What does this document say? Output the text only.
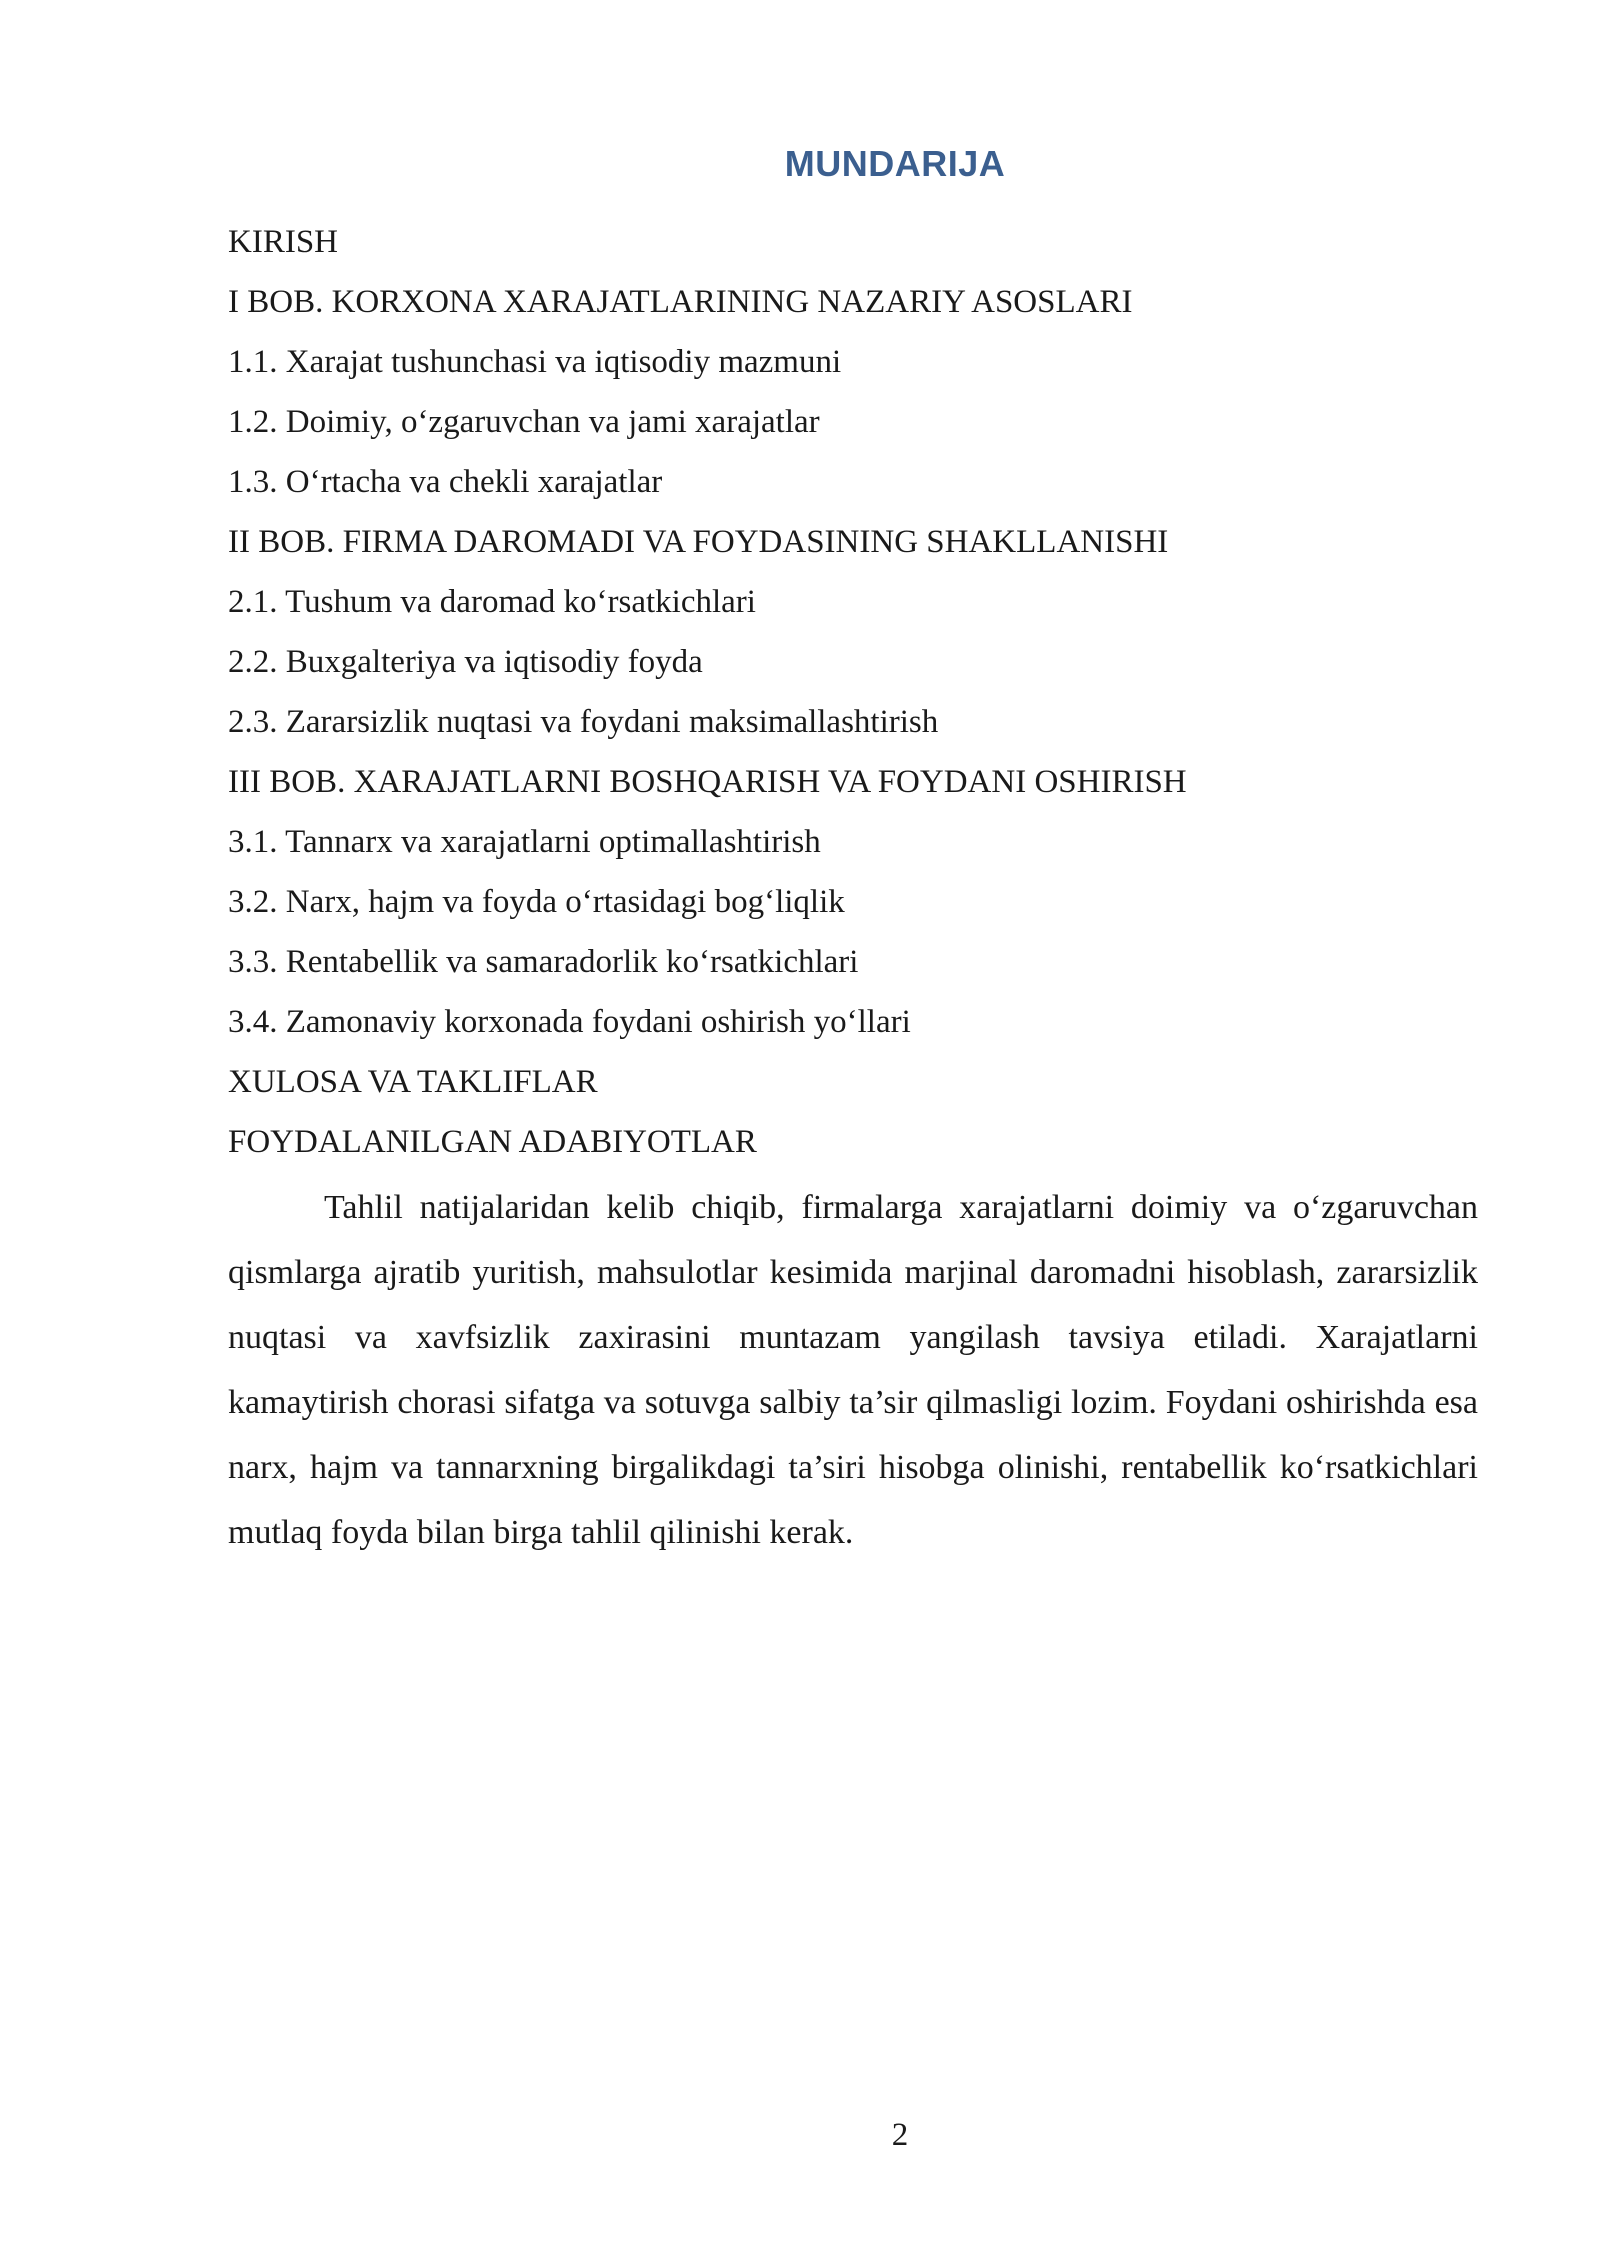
MUNDARIJA
KIRISH
I BOB. KORXONA XARAJATLARINING NAZARIY ASOSLARI
1.1. Xarajat tushunchasi va iqtisodiy mazmuni
1.2. Doimiy, o‘zgaruvchan va jami xarajatlar
1.3. O‘rtacha va chekli xarajatlar
II BOB. FIRMA DAROMADI VA FOYDASINING SHAKLLANISHI
2.1. Tushum va daromad ko‘rsatkichlari
2.2. Buxgalteriya va iqtisodiy foyda
2.3. Zararsizlik nuqtasi va foydani maksimallashtirish
III BOB. XARAJATLARNI BOSHQARISH VA FOYDANI OSHIRISH
3.1. Tannarx va xarajatlarni optimallashtirish
3.2. Narx, hajm va foyda o‘rtasidagi bog‘liqlik
3.3. Rentabellik va samaradorlik ko‘rsatkichlari
3.4. Zamonaviy korxonada foydani oshirish yo‘llari
XULOSA VA TAKLIFLAR
FOYDALANILGAN ADABIYOTLAR

Tahlil natijalaridan kelib chiqib, firmalarga xarajatlarni doimiy va o‘zgaruvchan qismlarga ajratib yuritish, mahsulotlar kesimida marjinal daromadni hisoblash, zararsizlik nuqtasi va xavfsizlik zaxirasini muntazam yangilash tavsiya etiladi. Xarajatlarni kamaytirish chorasi sifatga va sotuvga salbiy ta’sir qilmasligi lozim. Foydani oshirishda esa narx, hajm va tannarxning birgalikdagi ta’siri hisobga olinishi, rentabellik ko‘rsatkichlari mutlaq foyda bilan birga tahlil qilinishi kerak.

2
